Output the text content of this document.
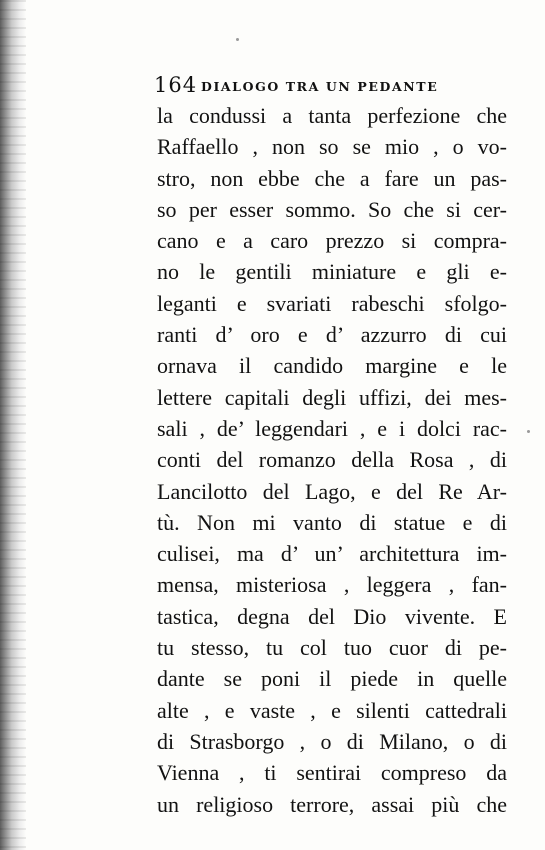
164 DIALOGO TRA UN PEDANTE
la condussi a tanta perfezione che
Raffaello , non so se mio , o vo-
stro, non ebbe che a fare un pas-
so per esser sommo. So che si cer-
cano e a caro prezzo si compra-
no le gentili miniature e gli e-
leganti e svariati rabeschi sfolgo-
ranti d’ oro e d’ azzurro di cui
ornava il candido margine e le
lettere capitali degli uffizi, dei mes-
sali , de’ leggendari , e i dolci rac-
conti del romanzo della Rosa , di
Lancilotto del Lago, e del Re Ar-
tù. Non mi vanto di statue e di
culisei, ma d’ un’ architettura im-
mensa, misteriosa , leggera , fan-
tastica, degna del Dio vivente. E
tu stesso, tu col tuo cuor di pe-
dante se poni il piede in quelle
alte , e vaste , e silenti cattedrali
di Strasborgo , o di Milano, o di
Vienna , ti sentirai compreso da
un religioso terrore, assai più che
